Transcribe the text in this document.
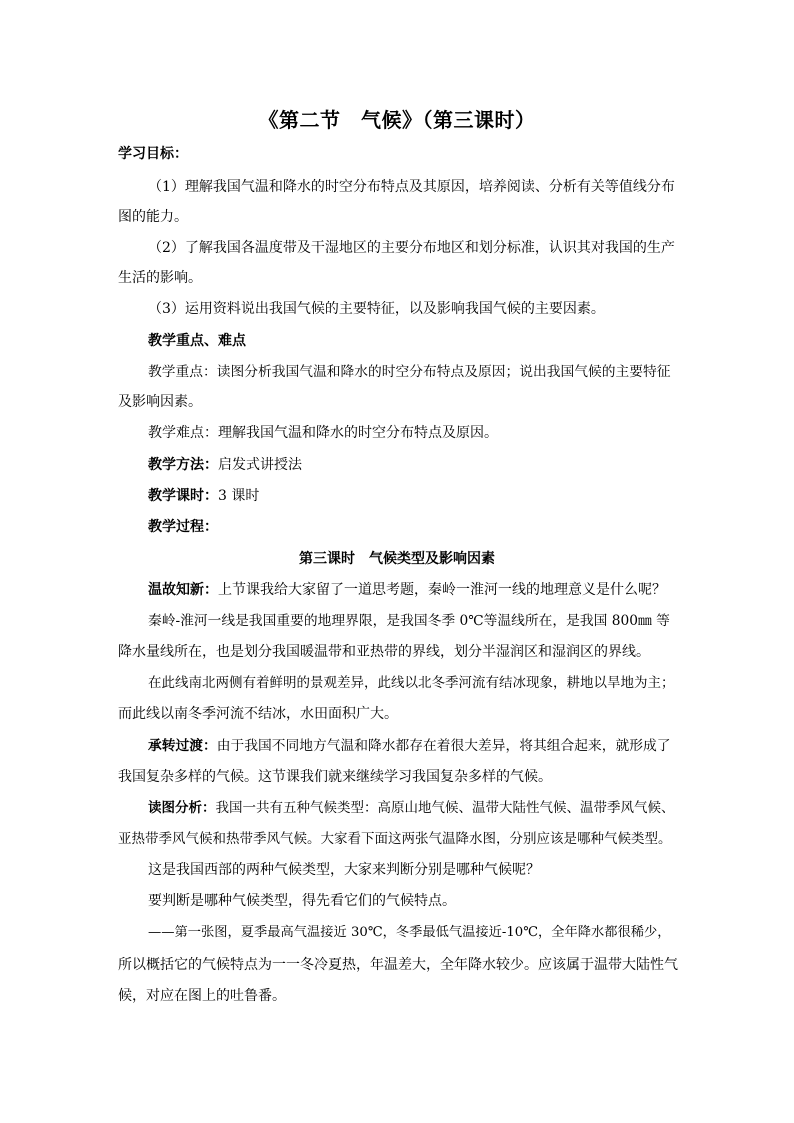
《第二节　气候》（第三课时）
学习目标：
（1）理解我国气温和降水的时空分布特点及其原因，培养阅读、分析有关等值线分布
图的能力。
（2）了解我国各温度带及干湿地区的主要分布地区和划分标准，认识其对我国的生产
生活的影响。
（3）运用资料说出我国气候的主要特征，以及影响我国气候的主要因素。
教学重点、难点
教学重点：读图分析我国气温和降水的时空分布特点及原因；说出我国气候的主要特征
及影响因素。
教学难点：理解我国气温和降水的时空分布特点及原因。
教学方法：启发式讲授法
教学课时：3 课时
教学过程：
第三课时　气候类型及影响因素
温故知新：上节课我给大家留了一道思考题，秦岭一淮河一线的地理意义是什么呢？
秦岭-淮河一线是我国重要的地理界限，是我国冬季 0℃等温线所在，是我国 800㎜ 等
降水量线所在，也是划分我国暖温带和亚热带的界线，划分半湿润区和湿润区的界线。
在此线南北两侧有着鲜明的景观差异，此线以北冬季河流有结冰现象，耕地以旱地为主；
而此线以南冬季河流不结冰，水田面积广大。
承转过渡：由于我国不同地方气温和降水都存在着很大差异，将其组合起来，就形成了
我国复杂多样的气候。这节课我们就来继续学习我国复杂多样的气候。
读图分析：我国一共有五种气候类型：高原山地气候、温带大陆性气候、温带季风气候、
亚热带季风气候和热带季风气候。大家看下面这两张气温降水图，分别应该是哪种气候类型。
这是我国西部的两种气候类型，大家来判断分别是哪种气候呢？
要判断是哪种气候类型，得先看它们的气候特点。
——第一张图，夏季最高气温接近 30℃，冬季最低气温接近-10℃，全年降水都很稀少，
所以概括它的气候特点为一一冬冷夏热，年温差大，全年降水较少。应该属于温带大陆性气
候，对应在图上的吐鲁番。
